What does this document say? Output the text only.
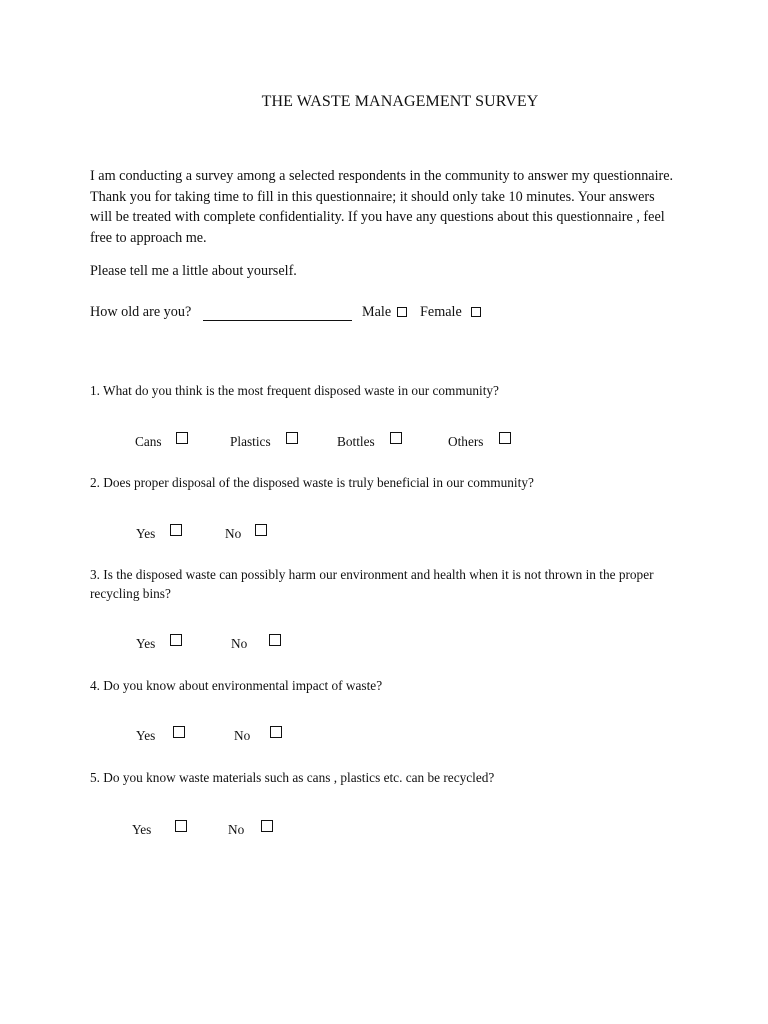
THE WASTE MANAGEMENT SURVEY
I am conducting a survey among a selected respondents in the community to answer my questionnaire. Thank you for taking time to fill in this questionnaire; it should only take 10 minutes. Your answers will be treated with complete confidentiality. If you have any questions about this questionnaire , feel free to approach me.
Please tell me a little about yourself.
How old are you?	Male Female
1. What do you think is the most frequent disposed waste in our community?
Cans	Plastics	Bottles	Others
2. Does proper disposal of the disposed waste is truly beneficial in our community?
Yes	No
3. Is the disposed waste can possibly harm our environment and health when it is not thrown in the proper recycling bins?
Yes	No
4. Do you know about environmental impact of waste?
Yes	No
5. Do you know waste materials such as cans , plastics etc. can be recycled?
Yes	No
